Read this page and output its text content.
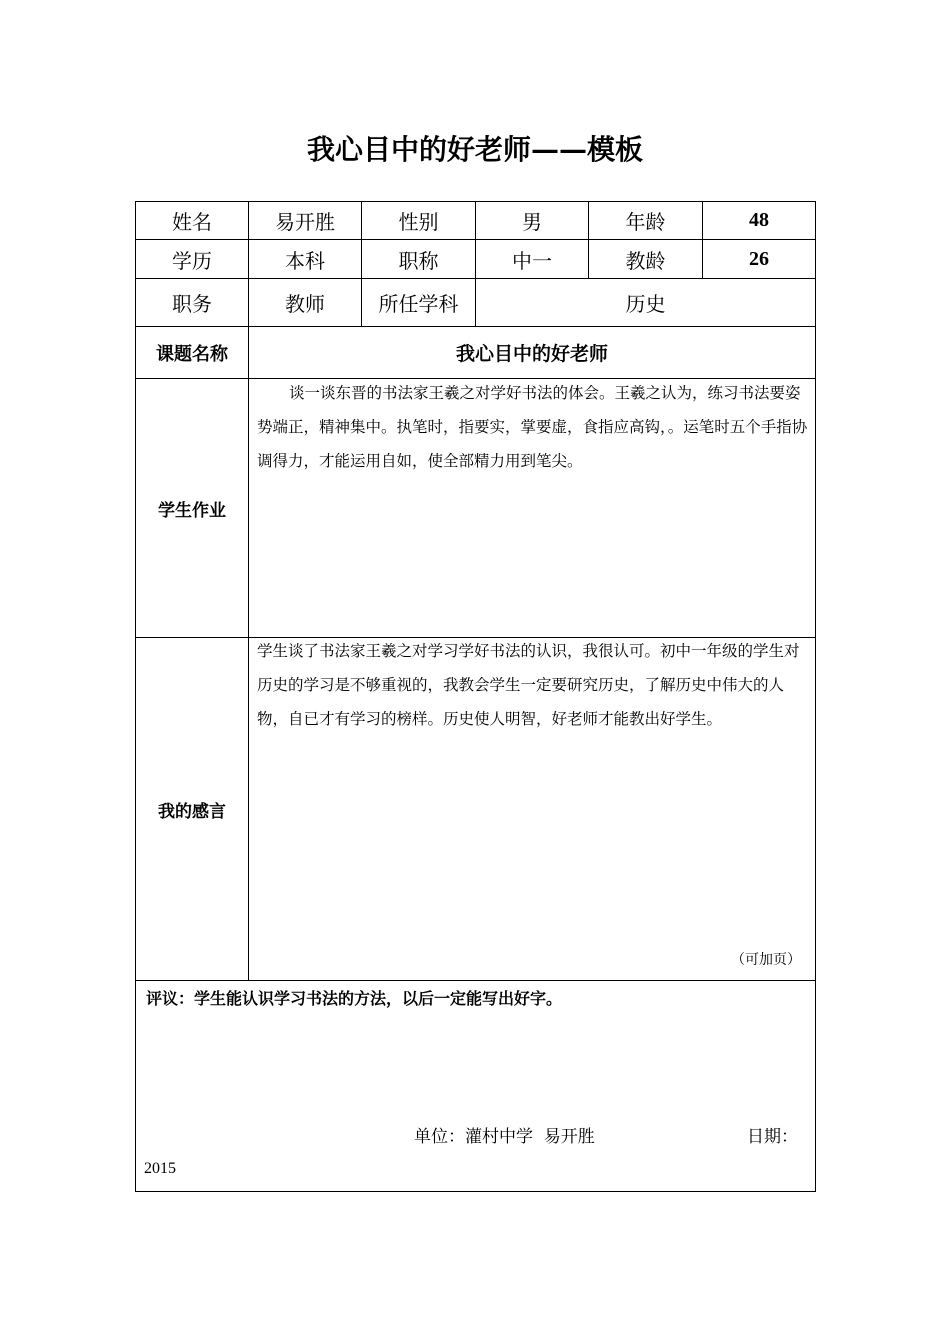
我心目中的好老师——模板
姓名	易开胜	性别	男	年龄	48
学历	本科	职称	中一	教龄	26
职务	教师	所任学科	历史
课题名称	我心目中的好老师
学生作业
谈一谈东晋的书法家王羲之对学好书法的体会。王羲之认为，练习书法要姿势端正，精神集中。执笔时，指要实，掌要虚，食指应高钩，。运笔时五个手指协调得力，才能运用自如，使全部精力用到笔尖。
我的感言
学生谈了书法家王羲之对学习学好书法的认识，我很认可。初中一年级的学生对历史的学习是不够重视的，我教会学生一定要研究历史，了解历史中伟大的人物，自已才有学习的榜样。历史使人明智，好老师才能教出好学生。
（可加页）
评议：学生能认识学习书法的方法，以后一定能写出好字。
单位：灌村中学  易开胜	日期：
2015
